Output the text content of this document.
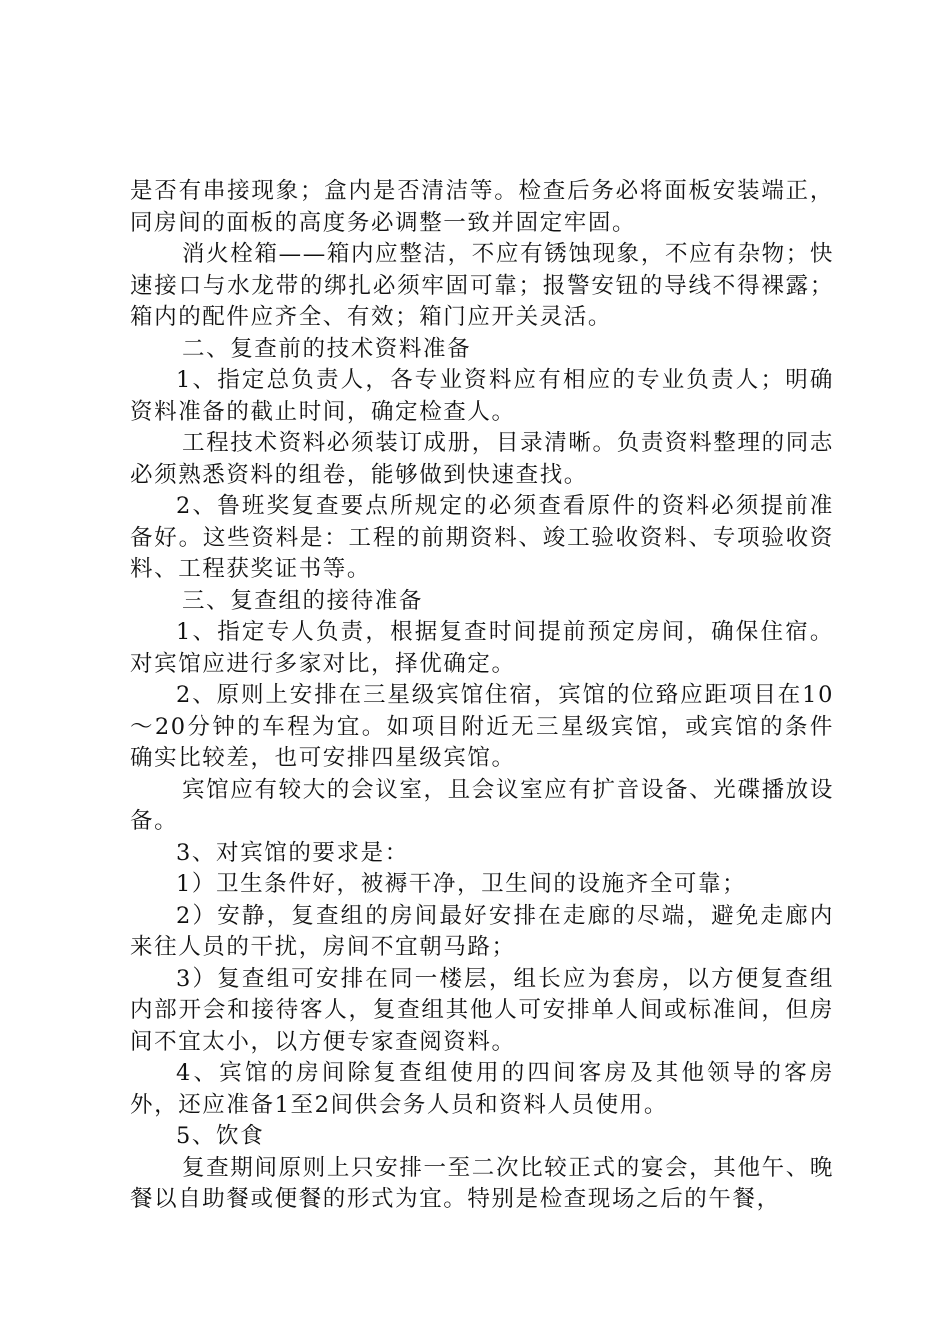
是否有串接现象；盒内是否清洁等。检查后务必将面板安装端正，同房间的面板的高度务必调整一致并固定牢固。

消火栓箱——箱内应整洁，不应有锈蚀现象，不应有杂物；快速接口与水龙带的绑扎必须牢固可靠；报警安钮的导线不得裸露；箱内的配件应齐全、有效；箱门应开关灵活。

二、复查前的技术资料准备

1、指定总负责人，各专业资料应有相应的专业负责人；明确资料准备的截止时间，确定检查人。

工程技术资料必须装订成册，目录清晰。负责资料整理的同志必须熟悉资料的组卷，能够做到快速查找。

2、鲁班奖复查要点所规定的必须查看原件的资料必须提前准备好。这些资料是：工程的前期资料、竣工验收资料、专项验收资料、工程获奖证书等。

三、复查组的接待准备

1、指定专人负责，根据复查时间提前预定房间，确保住宿。对宾馆应进行多家对比，择优确定。

2、原则上安排在三星级宾馆住宿，宾馆的位臵应距项目在10～20分钟的车程为宜。如项目附近无三星级宾馆，或宾馆的条件确实比较差，也可安排四星级宾馆。

宾馆应有较大的会议室，且会议室应有扩音设备、光碟播放设备。

3、对宾馆的要求是：

1）卫生条件好，被褥干净，卫生间的设施齐全可靠；

2）安静，复查组的房间最好安排在走廊的尽端，避免走廊内来往人员的干扰，房间不宜朝马路；

3）复查组可安排在同一楼层，组长应为套房，以方便复查组内部开会和接待客人，复查组其他人可安排单人间或标准间，但房间不宜太小，以方便专家查阅资料。

4、宾馆的房间除复查组使用的四间客房及其他领导的客房外，还应准备1至2间供会务人员和资料人员使用。

5、饮食

复查期间原则上只安排一至二次比较正式的宴会，其他午、晚餐以自助餐或便餐的形式为宜。特别是检查现场之后的午餐，
